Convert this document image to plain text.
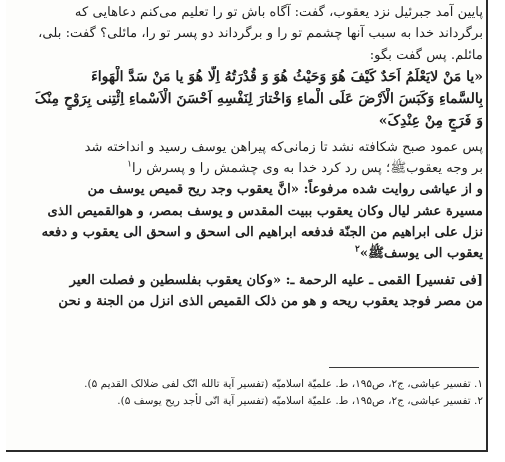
پایین آمد جبرئیل نزد یعقوب، گفت: آگاه باش تو را تعلیم می‌کنم دعاهایی که
برگرداند خدا به سبب آنها چشمم تو را و برگرداند دو پسر تو را، مائلی؟ گفت: بلی،
مائلم. پس گفت بگو:
«یا مَنْ لایَعْلَمُ اَحَدٌ کَیْفَ هُوَ وَحَیْثُ هُوَ وَ قُدْرَتُهُ اِلّا هُوَ یا مَنْ سَدَّ الْهَواءَ
بِالسَّماءِ وَکَبَسَ الْاَرْضَ عَلَی الْماءِ وَاخْتارَ لِنَفْسِهِ اَحْسَنَ الْاَسْماءِ اِئْتِنی بِرَوْحٍ مِنْکَ
وَ فَرَجٍ مِنْ عِنْدِکَ»
پس عمود صبح شکافته نشد تا زمانی‌که پیراهن یوسف رسید و انداخته شد
بر وجه یعقوبﷺ؛ پس رد کرد خدا به وی چشمش را و پسرش را$^۱$
و از عیاشی روایت شده مرفوعاً: «انَّ یعقوب وجد ریح قمیص یوسف من
مسیرة عشر لیال وکان یعقوب ببیت المقدس و یوسف بمصر، و هوالقمیص الذی
نزل علی ابراهیم من الجنّة فدفعه ابراهیم الی اسحق و اسحق الی یعقوب و دفعه
یعقوب الی یوسفﷺ»$^۲$
[فی تفسیر] القمی ـ علیه الرحمة ـ: «وکان یعقوب بفلسطین و فصلت العیر
من مصر فوجد یعقوب ریحه و هو من ذلک القمیص الذی انزل من الجنة و نحن
۱. تفسیر عیاشی، ج۲، ص۱۹۵، ط. علمیّة اسلامیّه (تفسیر آیة تالله انّک لفی ضلالک القدیم ۵).
۲. تفسیر عیاشی، ج۲، ص۱۹۵، ط. علمیّة اسلامیّه (تفسیر آیة انّی لأجد ریح یوسف ۵).
